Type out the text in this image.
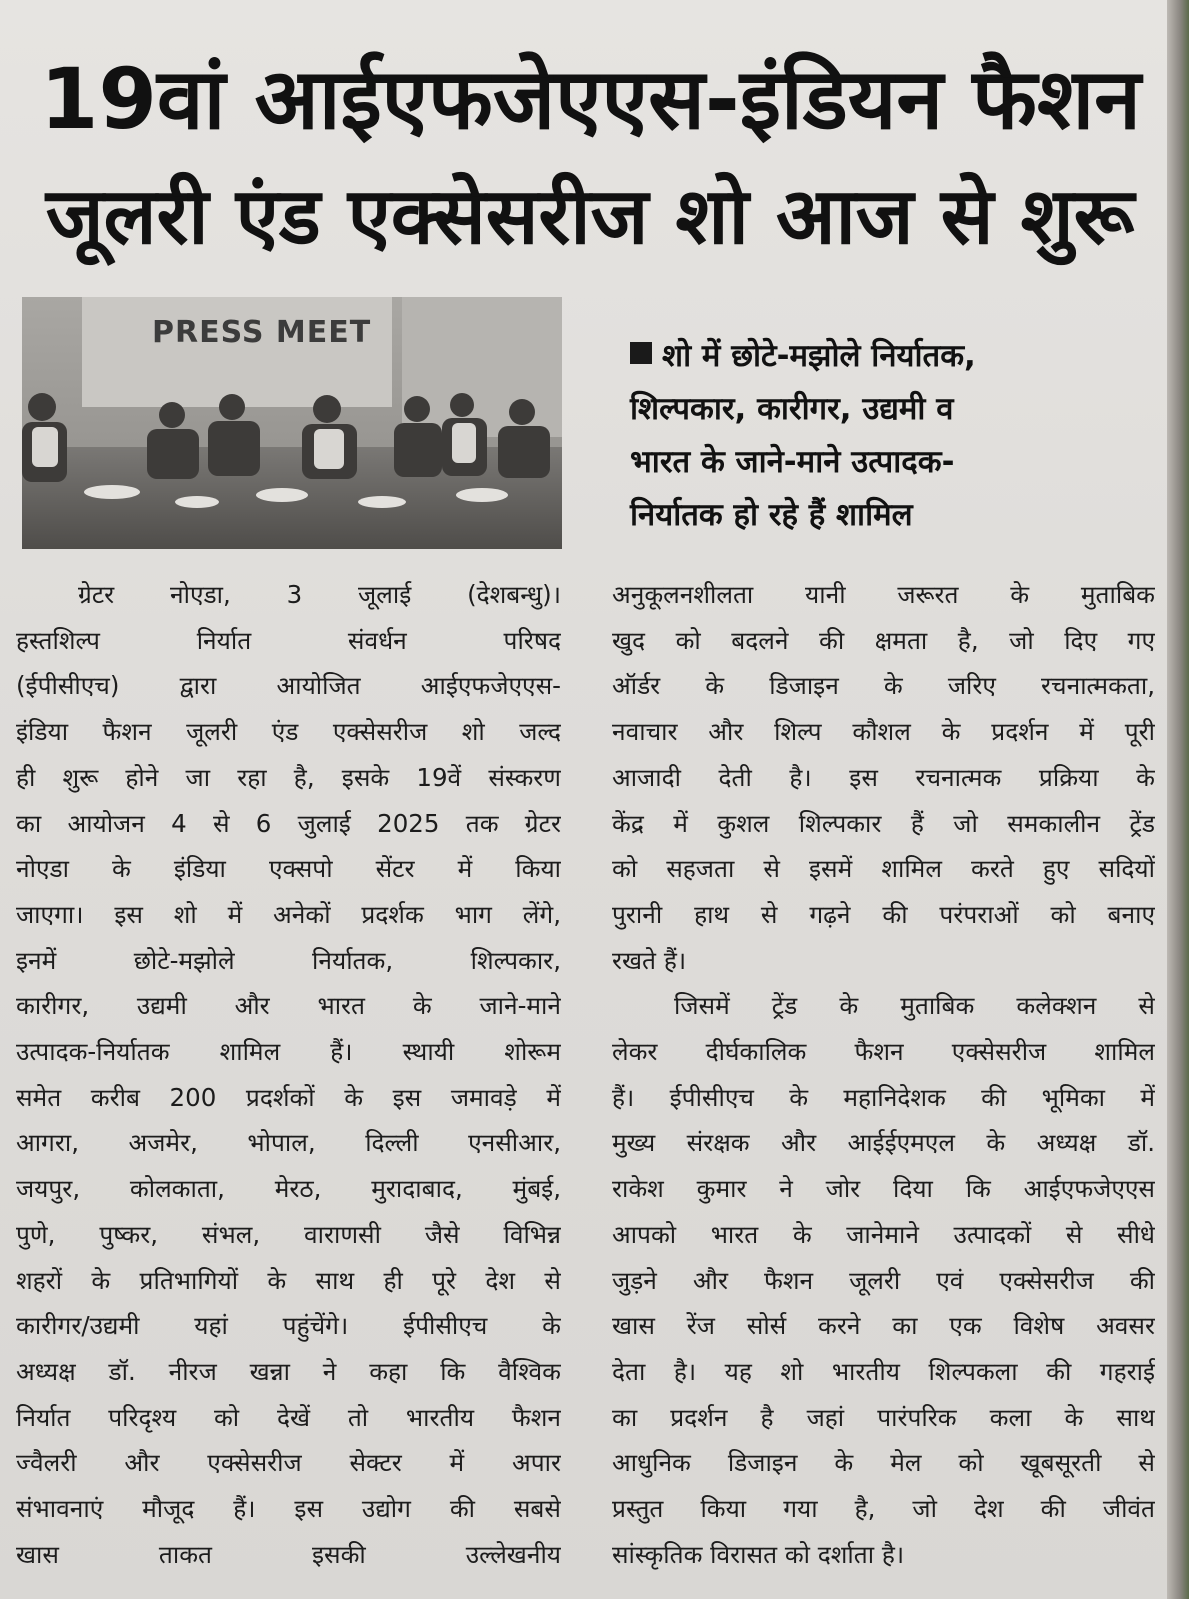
19वां आईएफजेएएस-इंडियन फैशन
जूलरी एंड एक्सेसरीज शो आज से शुरू
PRESS MEET
शो में छोटे-मझोले निर्यातक,
शिल्पकार, कारीगर, उद्यमी व
भारत के जाने-माने उत्पादक-
निर्यातक हो रहे हैं शामिल
ग्रेटर नोएडा, 3 जूलाई (देशबन्धु)।
हस्तशिल्प निर्यात संवर्धन परिषद
(ईपीसीएच) द्वारा आयोजित आईएफजेएएस-
इंडिया फैशन जूलरी एंड एक्सेसरीज शो जल्द
ही शुरू होने जा रहा है, इसके 19वें संस्करण
का आयोजन 4 से 6 जुलाई 2025 तक ग्रेटर
नोएडा के इंडिया एक्सपो सेंटर में किया
जाएगा। इस शो में अनेकों प्रदर्शक भाग लेंगे,
इनमें छोटे-मझोले निर्यातक, शिल्पकार,
कारीगर, उद्यमी और भारत के जाने-माने
उत्पादक-निर्यातक शामिल हैं। स्थायी शोरूम
समेत करीब 200 प्रदर्शकों के इस जमावड़े में
आगरा, अजमेर, भोपाल, दिल्ली एनसीआर,
जयपुर, कोलकाता, मेरठ, मुरादाबाद, मुंबई,
पुणे, पुष्कर, संभल, वाराणसी जैसे विभिन्न
शहरों के प्रतिभागियों के साथ ही पूरे देश से
कारीगर/उद्यमी यहां पहुंचेंगे। ईपीसीएच के
अध्यक्ष डॉ. नीरज खन्ना ने कहा कि वैश्विक
निर्यात परिदृश्य को देखें तो भारतीय फैशन
ज्वैलरी और एक्सेसरीज सेक्टर में अपार
संभावनाएं मौजूद हैं। इस उद्योग की सबसे
खास ताकत इसकी उल्लेखनीय
अनुकूलनशीलता यानी जरूरत के मुताबिक
खुद को बदलने की क्षमता है, जो दिए गए
ऑर्डर के डिजाइन के जरिए रचनात्मकता,
नवाचार और शिल्प कौशल के प्रदर्शन में पूरी
आजादी देती है। इस रचनात्मक प्रक्रिया के
केंद्र में कुशल शिल्पकार हैं जो समकालीन ट्रेंड
को सहजता से इसमें शामिल करते हुए सदियों
पुरानी हाथ से गढ़ने की परंपराओं को बनाए
रखते हैं।
जिसमें ट्रेंड के मुताबिक कलेक्शन से
लेकर दीर्घकालिक फैशन एक्सेसरीज शामिल
हैं। ईपीसीएच के महानिदेशक की भूमिका में
मुख्य संरक्षक और आईईएमएल के अध्यक्ष डॉ.
राकेश कुमार ने जोर दिया कि आईएफजेएएस
आपको भारत के जानेमाने उत्पादकों से सीधे
जुड़ने और फैशन जूलरी एवं एक्सेसरीज की
खास रेंज सोर्स करने का एक विशेष अवसर
देता है। यह शो भारतीय शिल्पकला की गहराई
का प्रदर्शन है जहां पारंपरिक कला के साथ
आधुनिक डिजाइन के मेल को खूबसूरती से
प्रस्तुत किया गया है, जो देश की जीवंत
सांस्कृतिक विरासत को दर्शाता है।
